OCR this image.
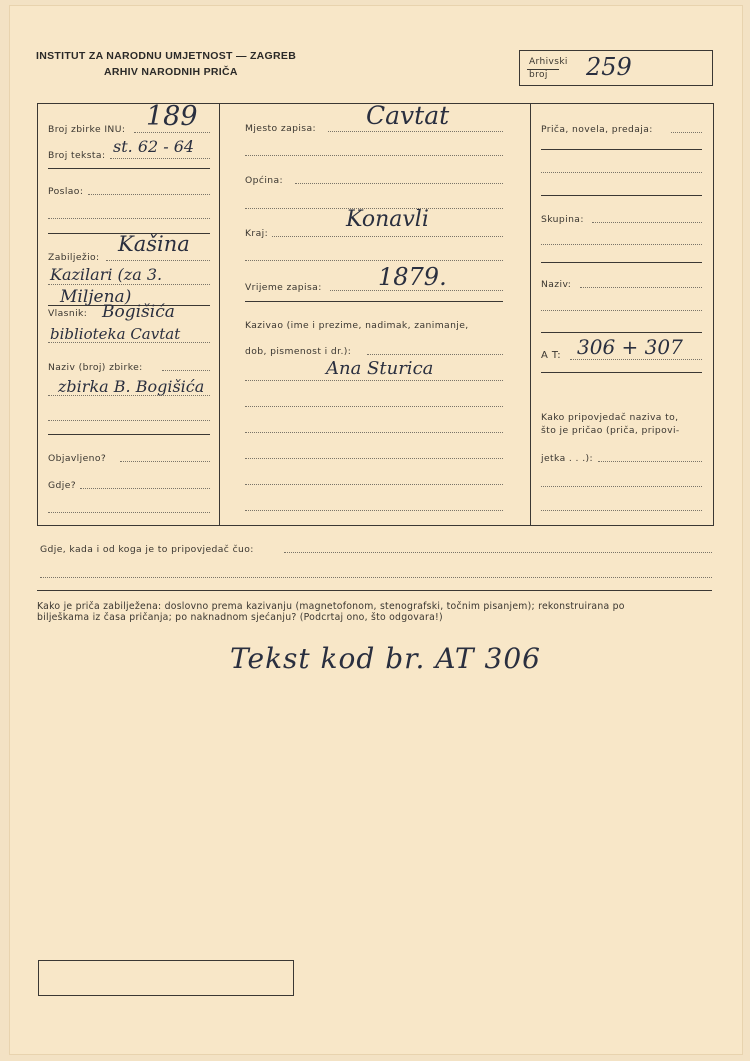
INSTITUT ZA NARODNU UMJETNOST — ZAGREB
ARHIV NARODNIH PRIČA
Arhivski
broj 259
Broj zbirke INU: 189
Broj teksta: st. 62 - 64
Poslao:
Zabilježio:
Kašina
Kazilari (za 3.
Miljena)
Vlasnik: Bogišića
biblioteka Cavtat
Naziv (broj) zbirke:
zbirka B. Bogišića
Objavljeno?
Gdje?
Mjesto zapisa: Cavtat
Općina:
Kraj:
Konavli
Vrijeme zapisa: 1879.
Kazivao (ime i prezime, nadimak, zanimanje,
dob, pismenost i dr.):
Ana Sturica
Priča, novela, predaja:
Skupina:
Naziv:
A T: 306 + 307
Kako pripovjedač naziva to,
što je pričao (priča, pripovi-
jetka . . .):
Gdje, kada i od koga je to pripovjedač čuo:
Kako je priča zabilježena: doslovno prema kazivanju (magnetofonom, stenografski, točnim pisanjem); rekonstruirana po
bilješkama iz časa pričanja; po naknadnom sjećanju? (Podcrtaj ono, što odgovara!)
Tekst kod br. AT 306
